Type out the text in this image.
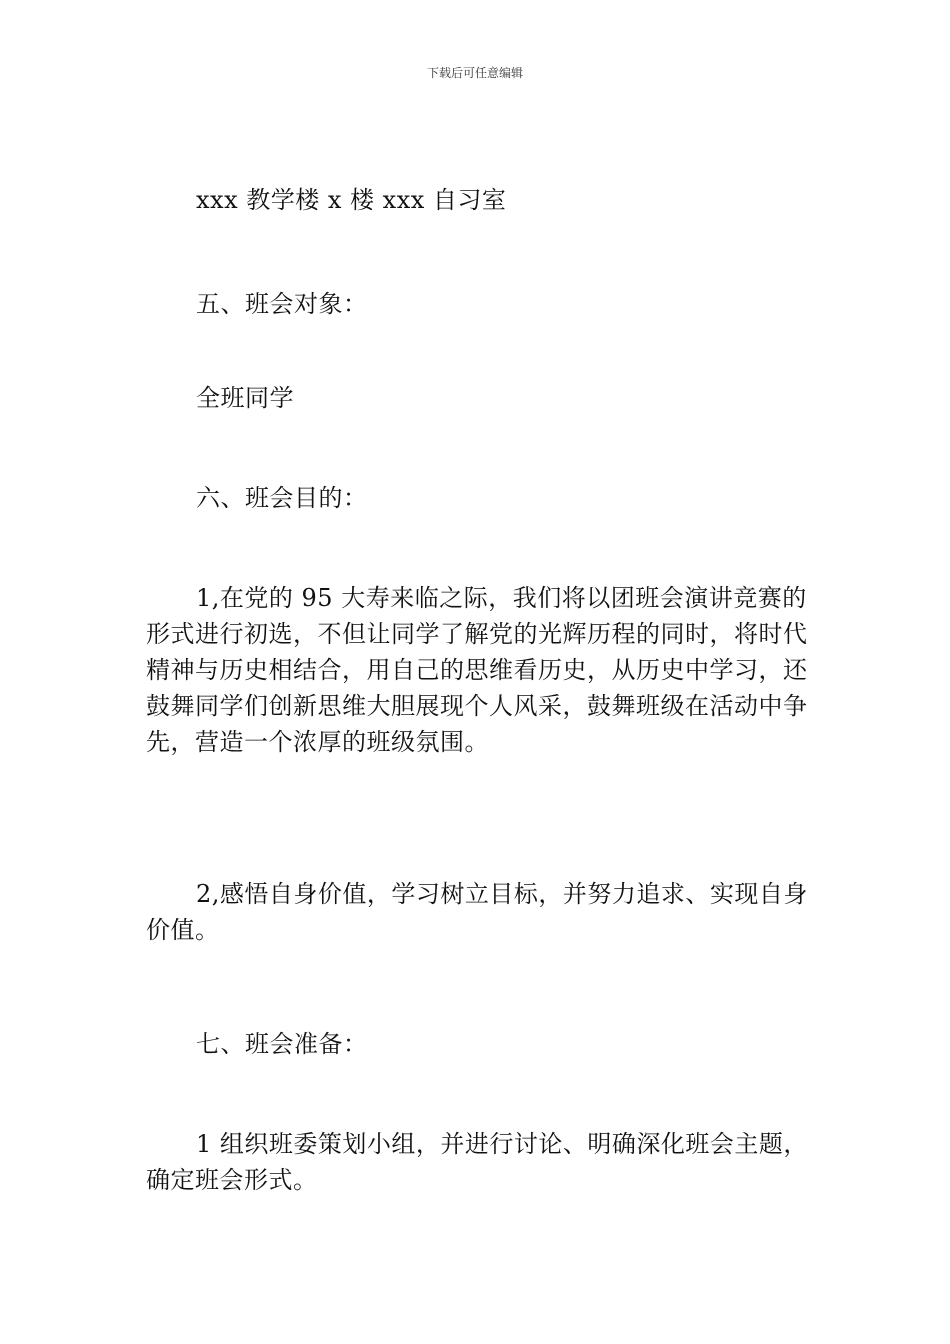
下载后可任意编辑

xxx 教学楼 x 楼 xxx 自习室

五、班会对象：

全班同学

六、班会目的：

1,在党的 95 大寿来临之际，我们将以团班会演讲竞赛的形式进行初选，不但让同学了解党的光辉历程的同时，将时代精神与历史相结合，用自己的思维看历史，从历史中学习，还鼓舞同学们创新思维大胆展现个人风采，鼓舞班级在活动中争先，营造一个浓厚的班级氛围。

2,感悟自身价值，学习树立目标，并努力追求、实现自身价值。

七、班会准备：

1 组织班委策划小组，并进行讨论、明确深化班会主题，确定班会形式。
